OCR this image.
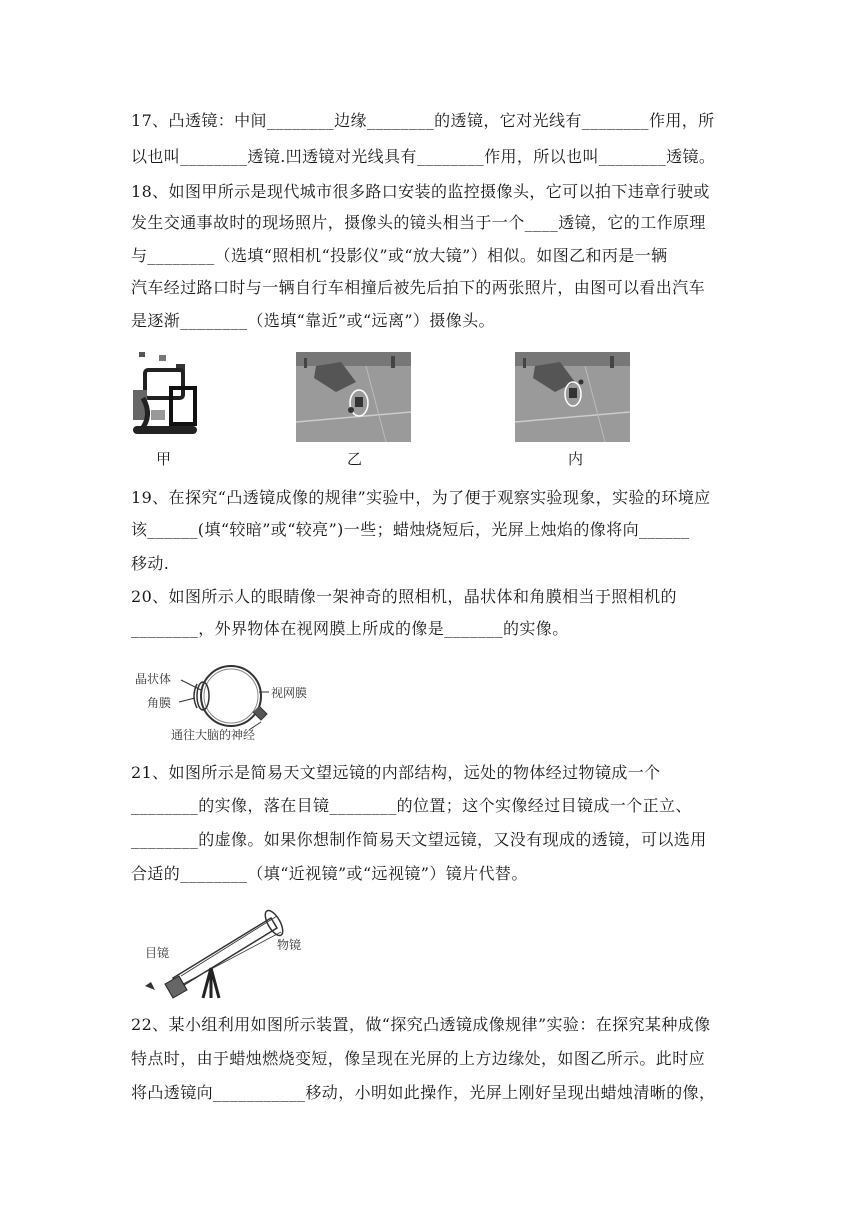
17、凸透镜：中间________边缘________的透镜，它对光线有________作用，所
以也叫________透镜.凹透镜对光线具有________作用，所以也叫________透镜。
18、如图甲所示是现代城市很多路口安装的监控摄像头，它可以拍下违章行驶或
发生交通事故时的现场照片，摄像头的镜头相当于一个____透镜，它的工作原理
与________（选填“照相机“投影仪”或“放大镜”）相似。如图乙和丙是一辆
汽车经过路口时与一辆自行车相撞后被先后拍下的两张照片，由图可以看出汽车
是逐渐________（选填“靠近”或“远离”）摄像头。
甲	乙	内
19、在探究“凸透镜成像的规律”实验中，为了便于观察实验现象，实验的环境应
该______(填“较暗”或“较亮”)一些；蜡烛烧短后，光屏上烛焰的像将向______
移动.
20、如图所示人的眼睛像一架神奇的照相机，晶状体和角膜相当于照相机的
________，外界物体在视网膜上所成的像是_______的实像。
晶状体
角膜
视网膜
通往大脑的神经
21、如图所示是简易天文望远镜的内部结构，远处的物体经过物镜成一个
________的实像，落在目镜________的位置；这个实像经过目镜成一个正立、
________的虚像。如果你想制作简易天文望远镜，又没有现成的透镜，可以选用
合适的________（填“近视镜”或“远视镜”）镜片代替。
目镜
物镜
22、某小组利用如图所示装置，做“探究凸透镜成像规律”实验：在探究某种成像
特点时，由于蜡烛燃烧变短，像呈现在光屏的上方边缘处，如图乙所示。此时应
将凸透镜向___________移动，小明如此操作，光屏上刚好呈现出蜡烛清晰的像，
